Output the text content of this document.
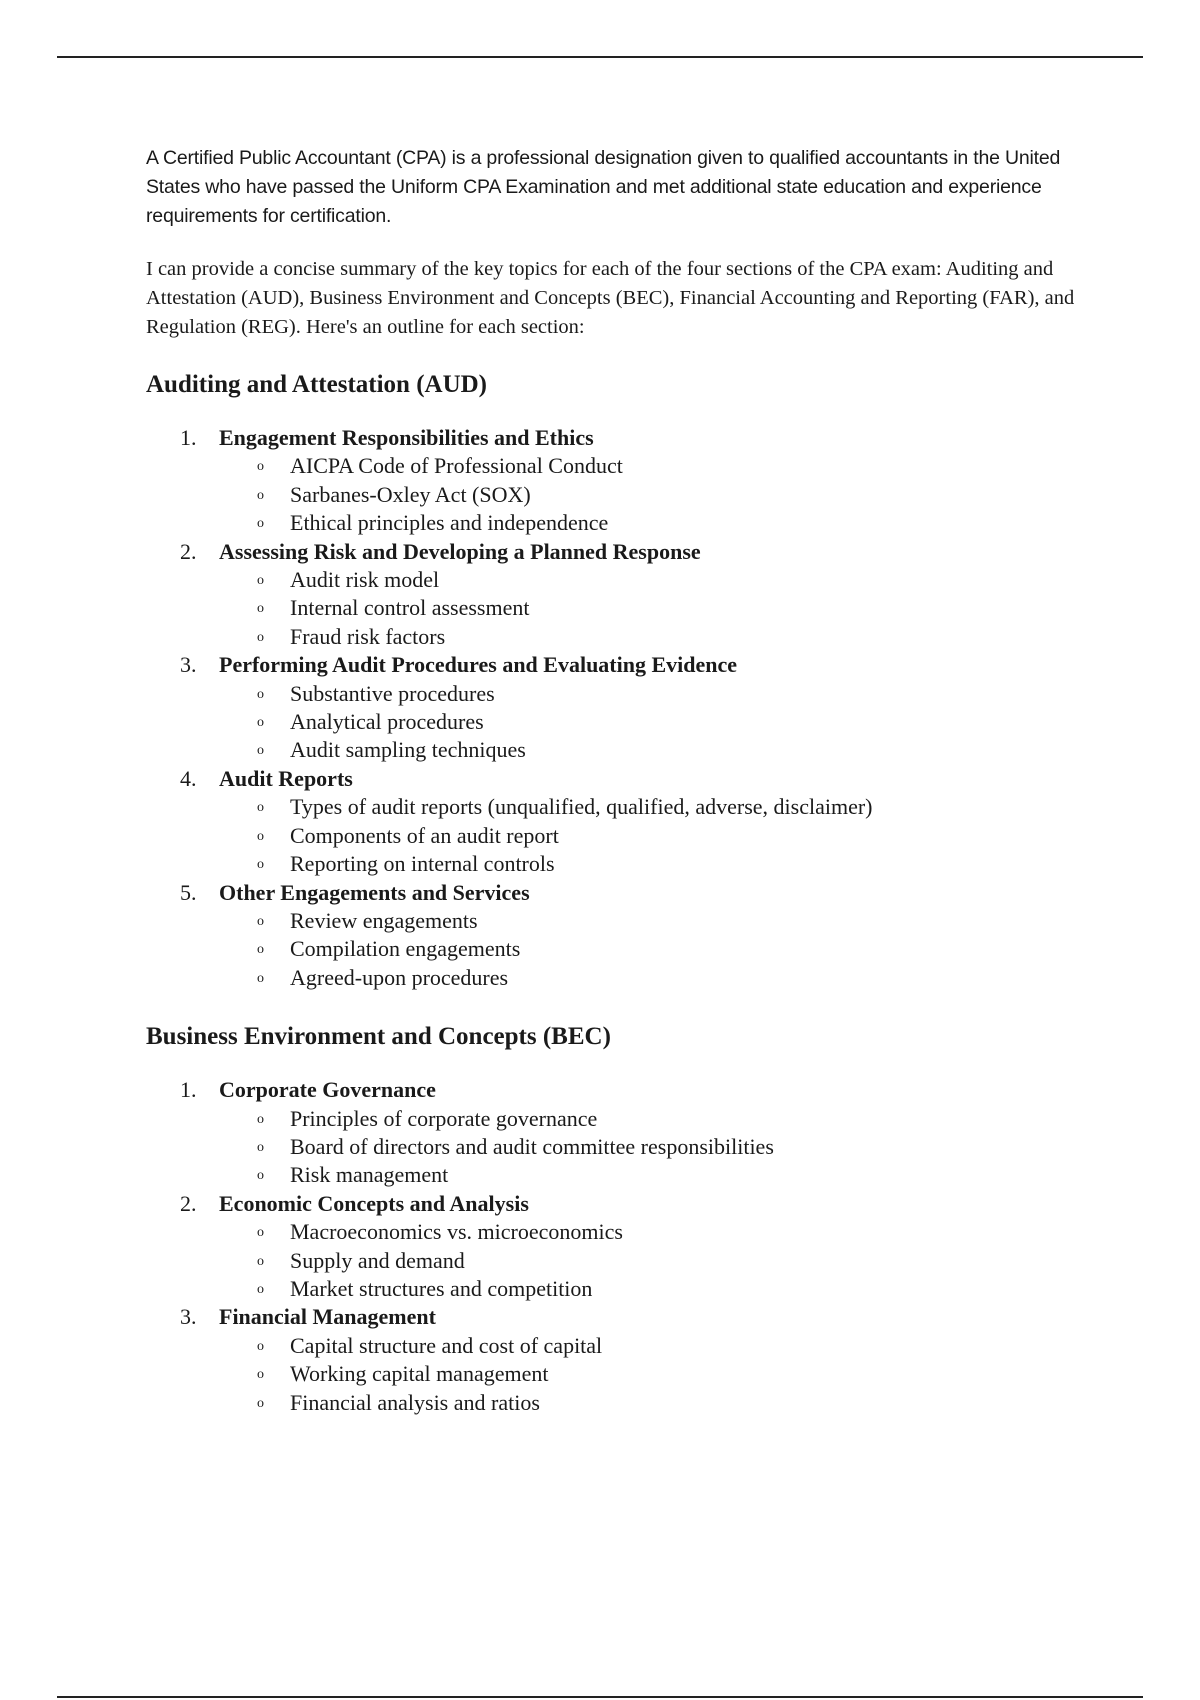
A Certified Public Accountant (CPA) is a professional designation given to qualified accountants in the United States who have passed the Uniform CPA Examination and met additional state education and experience requirements for certification.

I can provide a concise summary of the key topics for each of the four sections of the CPA exam: Auditing and Attestation (AUD), Business Environment and Concepts (BEC), Financial Accounting and Reporting (FAR), and Regulation (REG). Here's an outline for each section:

Auditing and Attestation (AUD)
1. Engagement Responsibilities and Ethics
o	AICPA Code of Professional Conduct
o	Sarbanes-Oxley Act (SOX)
o	Ethical principles and independence
2. Assessing Risk and Developing a Planned Response
o	Audit risk model
o	Internal control assessment
o	Fraud risk factors
3. Performing Audit Procedures and Evaluating Evidence
o	Substantive procedures
o	Analytical procedures
o	Audit sampling techniques
4. Audit Reports
o	Types of audit reports (unqualified, qualified, adverse, disclaimer)
o	Components of an audit report
o	Reporting on internal controls
5. Other Engagements and Services
o	Review engagements
o	Compilation engagements
o	Agreed-upon procedures
Business Environment and Concepts (BEC)
1. Corporate Governance
o	Principles of corporate governance
o	Board of directors and audit committee responsibilities
o	Risk management
2. Economic Concepts and Analysis
o	Macroeconomics vs. microeconomics
o	Supply and demand
o	Market structures and competition
3. Financial Management
o	Capital structure and cost of capital
o	Working capital management
o	Financial analysis and ratios
